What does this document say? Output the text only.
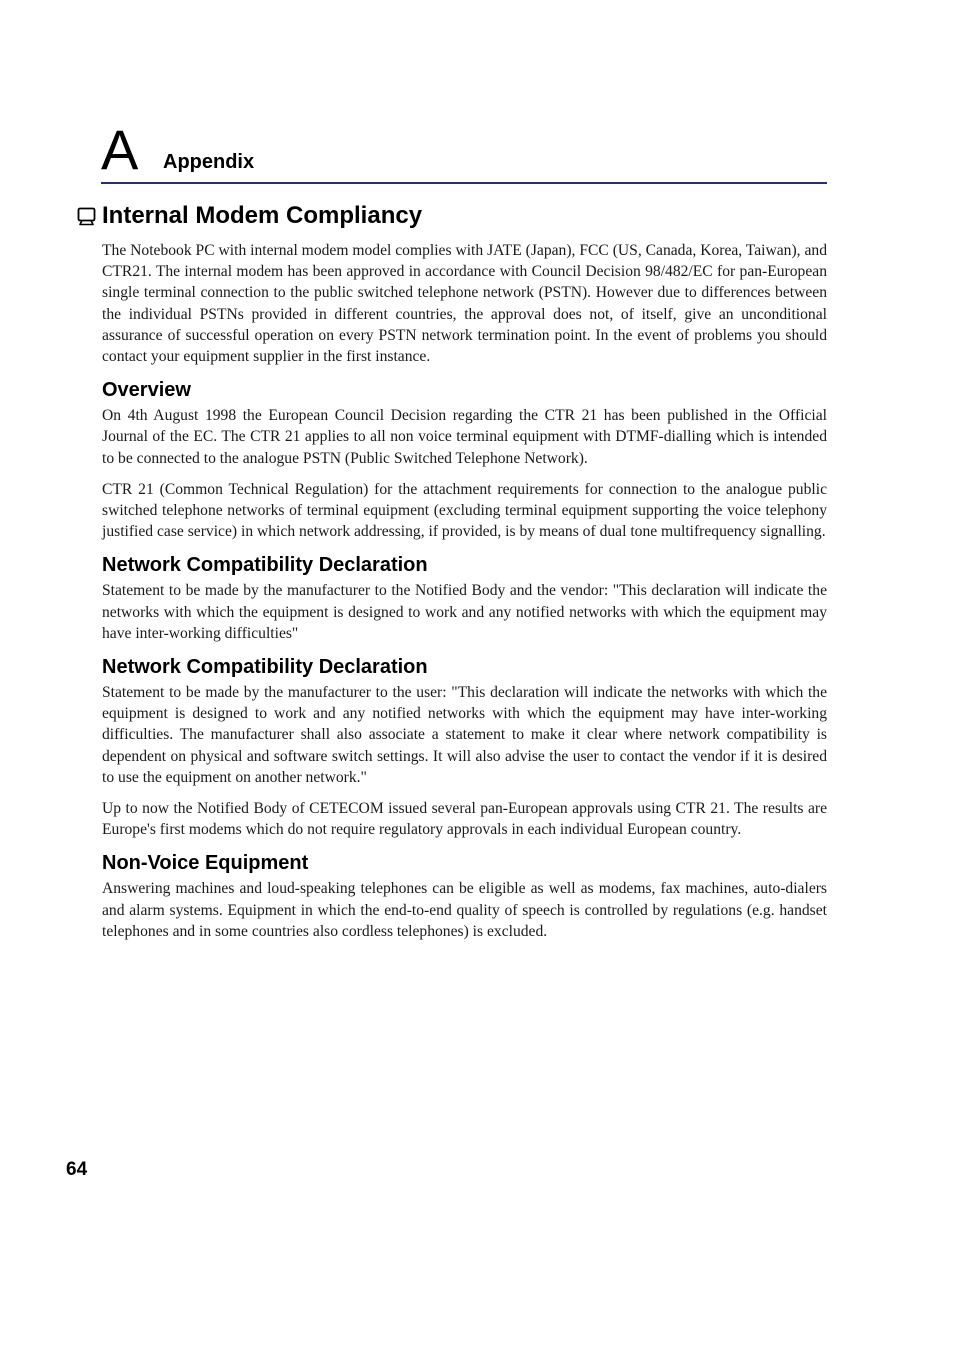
A Appendix
Internal Modem Compliancy

The Notebook PC with internal modem model complies with JATE (Japan), FCC (US, Canada, Korea, Taiwan), and CTR21. The internal modem has been approved in accordance with Council Decision 98/482/EC for pan-European single terminal connection to the public switched telephone network (PSTN). However due to differences between the individual PSTNs provided in different countries, the approval does not, of itself, give an unconditional assurance of successful operation on every PSTN network termination point. In the event of problems you should contact your equipment supplier in the first instance.

Overview

On 4th August 1998 the European Council Decision regarding the CTR 21 has been published in the Official Journal of the EC. The CTR 21 applies to all non voice terminal equipment with DTMF-dialling which is intended to be connected to the analogue PSTN (Public Switched Telephone Network).

CTR 21 (Common Technical Regulation) for the attachment requirements for connection to the analogue public switched telephone networks of terminal equipment (excluding terminal equipment supporting the voice telephony justified case service) in which network addressing, if provided, is by means of dual tone multifrequency signalling.

Network Compatibility Declaration

Statement to be made by the manufacturer to the Notified Body and the vendor: "This declaration will indicate the networks with which the equipment is designed to work and any notified networks with which the equipment may have inter-working difficulties"

Network Compatibility Declaration

Statement to be made by the manufacturer to the user: "This declaration will indicate the networks with which the equipment is designed to work and any notified networks with which the equipment may have inter-working difficulties. The manufacturer shall also associate a statement to make it clear where network compatibility is dependent on physical and software switch settings. It will also advise the user to contact the vendor if it is desired to use the equipment on another network."

Up to now the Notified Body of CETECOM issued several pan-European approvals using CTR 21. The results are Europe's first modems which do not require regulatory approvals in each individual European country.

Non-Voice Equipment

Answering machines and loud-speaking telephones can be eligible as well as modems, fax machines, auto-dialers and alarm systems. Equipment in which the end-to-end quality of speech is controlled by regulations (e.g. handset telephones and in some countries also cordless telephones) is excluded.

64
